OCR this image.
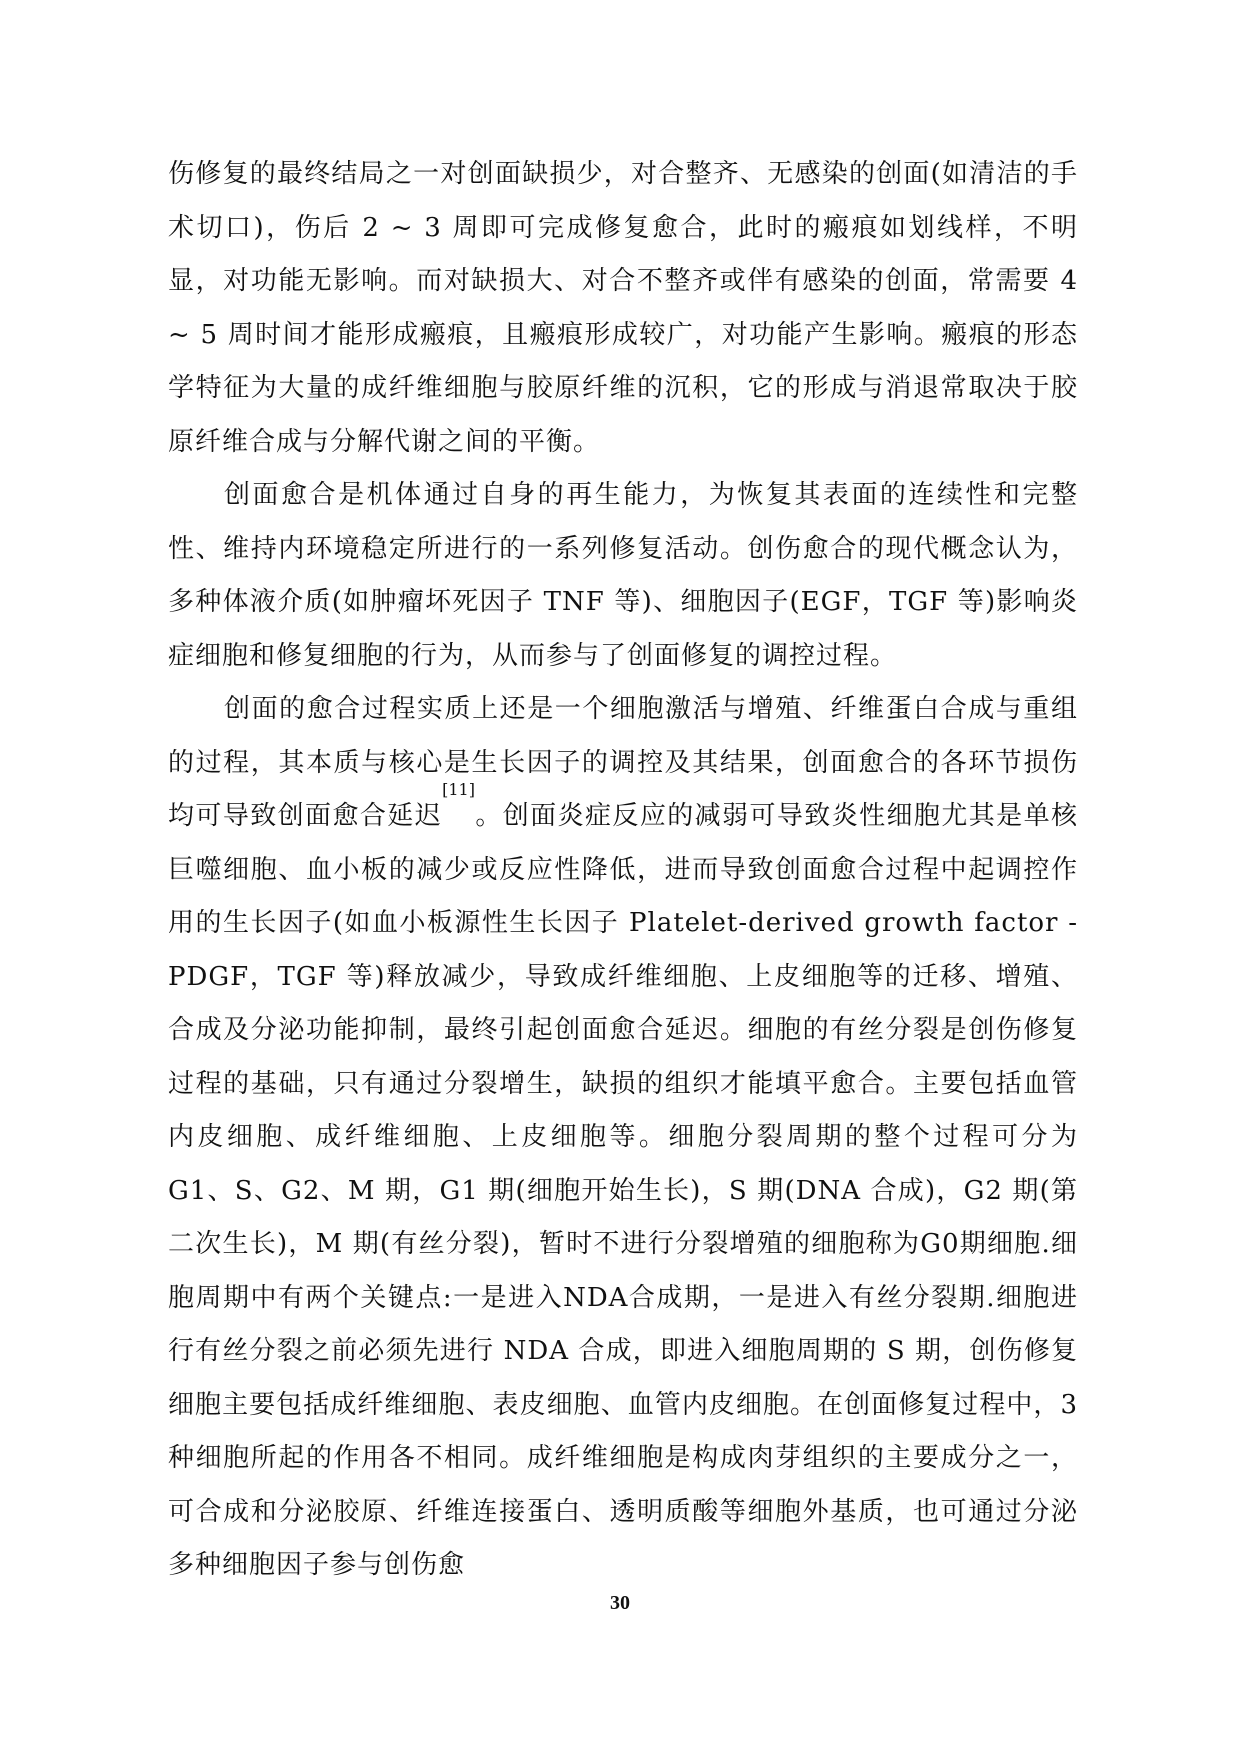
伤修复的最终结局之一对创面缺损少，对合整齐、无感染的创面(如清洁的手术切口)，伤后 2 ~ 3 周即可完成修复愈合，此时的瘢痕如划线样，不明显，对功能无影响。而对缺损大、对合不整齐或伴有感染的创面，常需要 4 ~ 5 周时间才能形成瘢痕，且瘢痕形成较广，对功能产生影响。瘢痕的形态学特征为大量的成纤维细胞与胶原纤维的沉积，它的形成与消退常取决于胶原纤维合成与分解代谢之间的平衡。

创面愈合是机体通过自身的再生能力，为恢复其表面的连续性和完整性、维持内环境稳定所进行的一系列修复活动。创伤愈合的现代概念认为，多种体液介质(如肿瘤坏死因子 TNF 等)、细胞因子(EGF，TGF 等)影响炎症细胞和修复细胞的行为，从而参与了创面修复的调控过程。

创面的愈合过程实质上还是一个细胞激活与增殖、纤维蛋白合成与重组的过程，其本质与核心是生长因子的调控及其结果，创面愈合的各环节损伤均可导致创面愈合延迟[11]。创面炎症反应的减弱可导致炎性细胞尤其是单核巨噬细胞、血小板的减少或反应性降低，进而导致创面愈合过程中起调控作用的生长因子(如血小板源性生长因子 Platelet-derived growth factor -PDGF，TGF 等)释放减少，导致成纤维细胞、上皮细胞等的迁移、增殖、合成及分泌功能抑制，最终引起创面愈合延迟。细胞的有丝分裂是创伤修复过程的基础，只有通过分裂增生，缺损的组织才能填平愈合。主要包括血管内皮细胞、成纤维细胞、上皮细胞等。细胞分裂周期的整个过程可分为 G1、S、G2、M 期，G1 期(细胞开始生长)，S 期(DNA 合成)，G2 期(第二次生长)，M 期(有丝分裂)，暂时不进行分裂增殖的细胞称为G0期细胞.细胞周期中有两个关键点:一是进入NDA合成期，一是进入有丝分裂期.细胞进行有丝分裂之前必须先进行 NDA 合成，即进入细胞周期的 S 期，创伤修复细胞主要包括成纤维细胞、表皮细胞、血管内皮细胞。在创面修复过程中，3 种细胞所起的作用各不相同。成纤维细胞是构成肉芽组织的主要成分之一，可合成和分泌胶原、纤维连接蛋白、透明质酸等细胞外基质，也可通过分泌多种细胞因子参与创伤愈

30
